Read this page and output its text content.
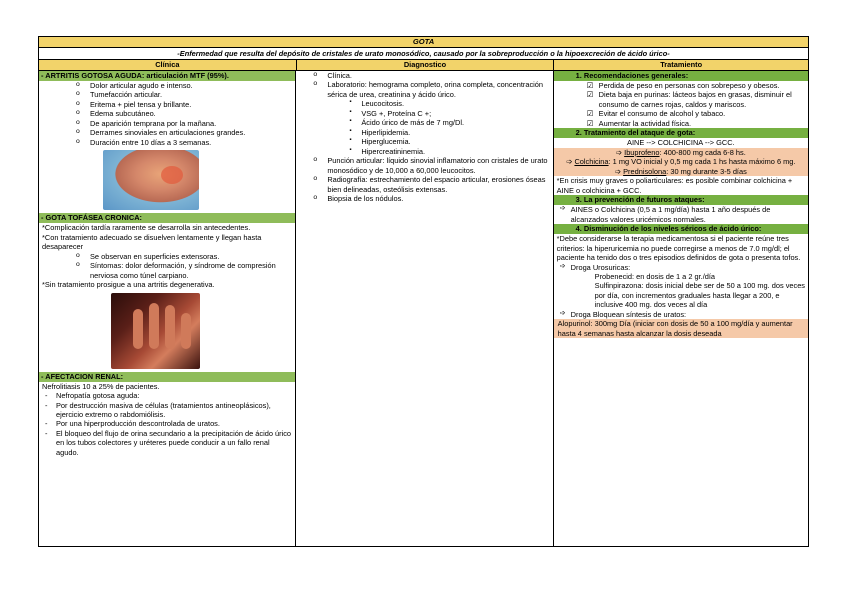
GOTA
-Enfermedad que resulta del depósito de cristales de urato monosódico, causado por la sobreproducción o la hipoexcreción de ácido úrico-
Clínica	Diagnostico	Tratamiento
- ARTRITIS GOTOSA AGUDA: articulación MTF (95%).
o Dolor articular agudo e intenso.
o Tumefacción articular.
o Eritema + piel tensa y brillante.
o Edema subcutáneo.
o De aparición temprana por la mañana.
o Derrames sinoviales en articulaciones grandes.
o Duración entre 10 días a 3 semanas.
- GOTA TOFÁSEA CRONICA:
*Complicación tardía raramente se desarrolla sin antecedentes.
*Con tratamiento adecuado se disuelven lentamente y llegan hasta desaparecer
o Se observan en superficies extensoras.
o Síntomas: dolor deformación, y síndrome de compresión nerviosa como túnel carpiano.
*Sin tratamiento prosigue a una artritis degenerativa.
- AFECTACION RENAL:
Nefrolitiasis 10 a 25% de pacientes.
- Nefropatía gotosa aguda:
- Por destrucción masiva de células (tratamientos antineoplásicos), ejercicio extremo o rabdomiólisis.
- Por una hiperproducción descontrolada de uratos.
- El bloqueo del flujo de orina secundario a la precipitación de ácido úrico en los tubos colectores y uréteres puede conducir a un fallo renal agudo.
o Clínica.
o Laboratorio: hemograma completo, orina completa, concentración sérica de urea, creatinina y ácido úrico.
▪ Leucocitosis.
▪ VSG +, Proteína C +;
▪ Ácido úrico de más de 7 mg/Dl.
▪ Hiperlipidemia.
▪ Hiperglucemia.
▪ Hipercreatininemia.
o Punción articular: líquido sinovial inflamatorio con cristales de urato monosódico y de 10,000 a 60,000 leucocitos.
o Radiografía: estrechamiento del espacio articular, erosiones óseas bien delineadas, osteólisis extensas.
o Biopsia de los nódulos.
1. Recomendaciones generales:
☑ Perdida de peso en personas con sobrepeso y obesos.
☑ Dieta baja en purinas: lácteos bajos en grasas, disminuir el consumo de carnes rojas, caldos y mariscos.
☑ Evitar el consumo de alcohol y tabaco.
☑ Aumentar la actividad física.
2. Tratamiento del ataque de gota:
AINE --> COLCHICINA --> GCC.
➩ Ibuprofeno: 400-800 mg cada 6-8 hs.
➩ Colchicina: 1 mg VO inicial y 0,5 mg cada 1 hs hasta máximo 6 mg.
➩ Prednisolona: 30 mg durante 3-5 días
*En crisis muy graves o poliarticulares: es posible combinar colchicina + AINE o colchicina + GCC.
3. La prevención de futuros ataques:
➩ AINES o Colchicina (0,5 a 1 mg/día) hasta 1 año después de alcanzados valores uricémicos normales.
4. Disminución de los niveles séricos de ácido úrico:
*Debe considerarse la terapia medicamentosa si el paciente reúne tres criterios: la hiperuricemia no puede corregirse a menos de 7.0 mg/dl; el paciente ha tenido dos o tres episodios definidos de gota o presenta tofos.
➩ Droga Urosuricas:
Probenecid: en dosis de 1 a 2 gr./día
Sulfinpirazona: dosis inicial debe ser de 50 a 100 mg. dos veces por día, con incrementos graduales hasta llegar a 200, e inclusive 400 mg. dos veces al día
➩ Droga Bloquean síntesis de uratos:
Alopurinol: 300mg Día (iniciar con dosis de 50 a 100 mg/día y aumentar hasta 4 semanas hasta alcanzar la dosis deseada
